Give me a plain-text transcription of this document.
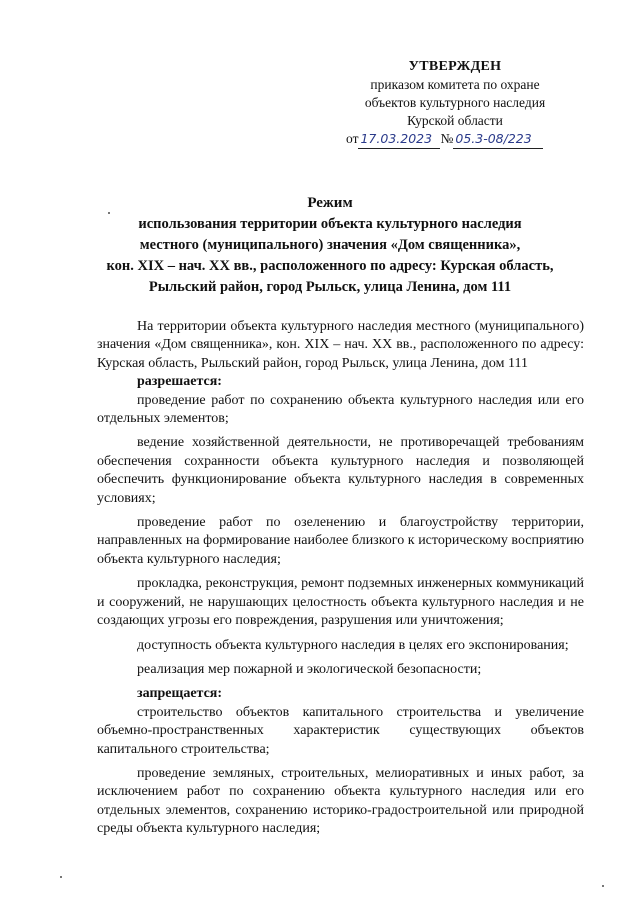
УТВЕРЖДЕН
приказом комитета по охране
объектов культурного наследия
Курской области
от 17.03.2023 № 05.3-08/223
Режим
использования территории объекта культурного наследия
местного (муниципального) значения «Дом священника»,
кон. XIX – нач. XX вв., расположенного по адресу: Курская область,
Рыльский район, город Рыльск, улица Ленина, дом 111

На территории объекта культурного наследия местного (муниципального) значения «Дом священника», кон. XIX – нач. XX вв., расположенного по адресу: Курская область, Рыльский район, город Рыльск, улица Ленина, дом 111

разрешается:

проведение работ по сохранению объекта культурного наследия или его отдельных элементов;

ведение хозяйственной деятельности, не противоречащей требованиям обеспечения сохранности объекта культурного наследия и позволяющей обеспечить функционирование объекта культурного наследия в современных условиях;

проведение работ по озеленению и благоустройству территории, направленных на формирование наиболее близкого к историческому восприятию объекта культурного наследия;

прокладка, реконструкция, ремонт подземных инженерных коммуникаций и сооружений, не нарушающих целостность объекта культурного наследия и не создающих угрозы его повреждения, разрушения или уничтожения;

доступность объекта культурного наследия в целях его экспонирования;

реализация мер пожарной и экологической безопасности;

запрещается:

строительство объектов капитального строительства и увеличение объемно-пространственных характеристик существующих объектов капитального строительства;

проведение земляных, строительных, мелиоративных и иных работ, за исключением работ по сохранению объекта культурного наследия или его отдельных элементов, сохранению историко-градостроительной или природной среды объекта культурного наследия;
